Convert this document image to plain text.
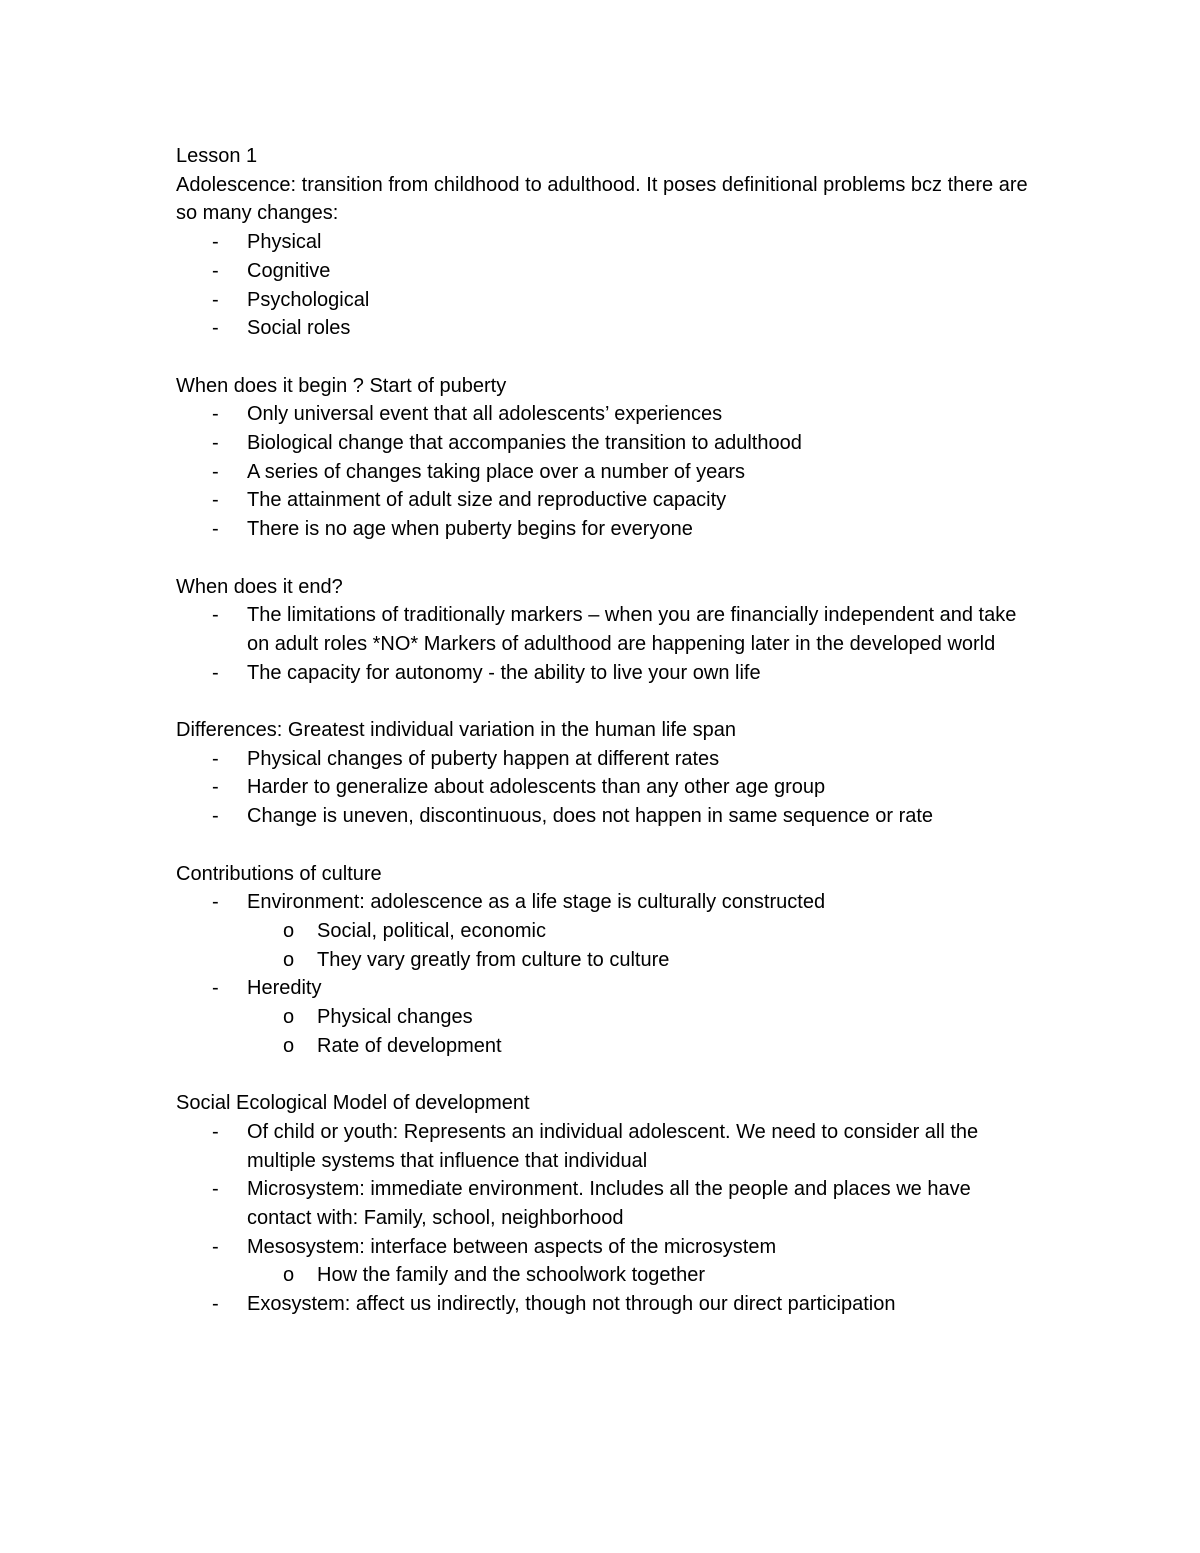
Lesson 1

Adolescence: transition from childhood to adulthood. It poses definitional problems bcz there are so many changes:

- Physical
- Cognitive
- Psychological
- Social roles

When does it begin ? Start of puberty

- Only universal event that all adolescents’ experiences
- Biological change that accompanies the transition to adulthood
- A series of changes taking place over a number of years
- The attainment of adult size and reproductive capacity
- There is no age when puberty begins for everyone

When does it end?

- The limitations of traditionally markers – when you are financially independent and take on adult roles *NO* Markers of adulthood are happening later in the developed world
- The capacity for autonomy - the ability to live your own life

Differences: Greatest individual variation in the human life span

- Physical changes of puberty happen at different rates
- Harder to generalize about adolescents than any other age group
- Change is uneven, discontinuous, does not happen in same sequence or rate

Contributions of culture

- Environment: adolescence as a life stage is culturally constructed
o Social, political, economic
o They vary greatly from culture to culture
- Heredity
o Physical changes
o Rate of development

Social Ecological Model of development

- Of child or youth: Represents an individual adolescent. We need to consider all the multiple systems that influence that individual
- Microsystem: immediate environment. Includes all the people and places we have contact with: Family, school, neighborhood
- Mesosystem: interface between aspects of the microsystem
o How the family and the schoolwork together
- Exosystem: affect us indirectly, though not through our direct participation
